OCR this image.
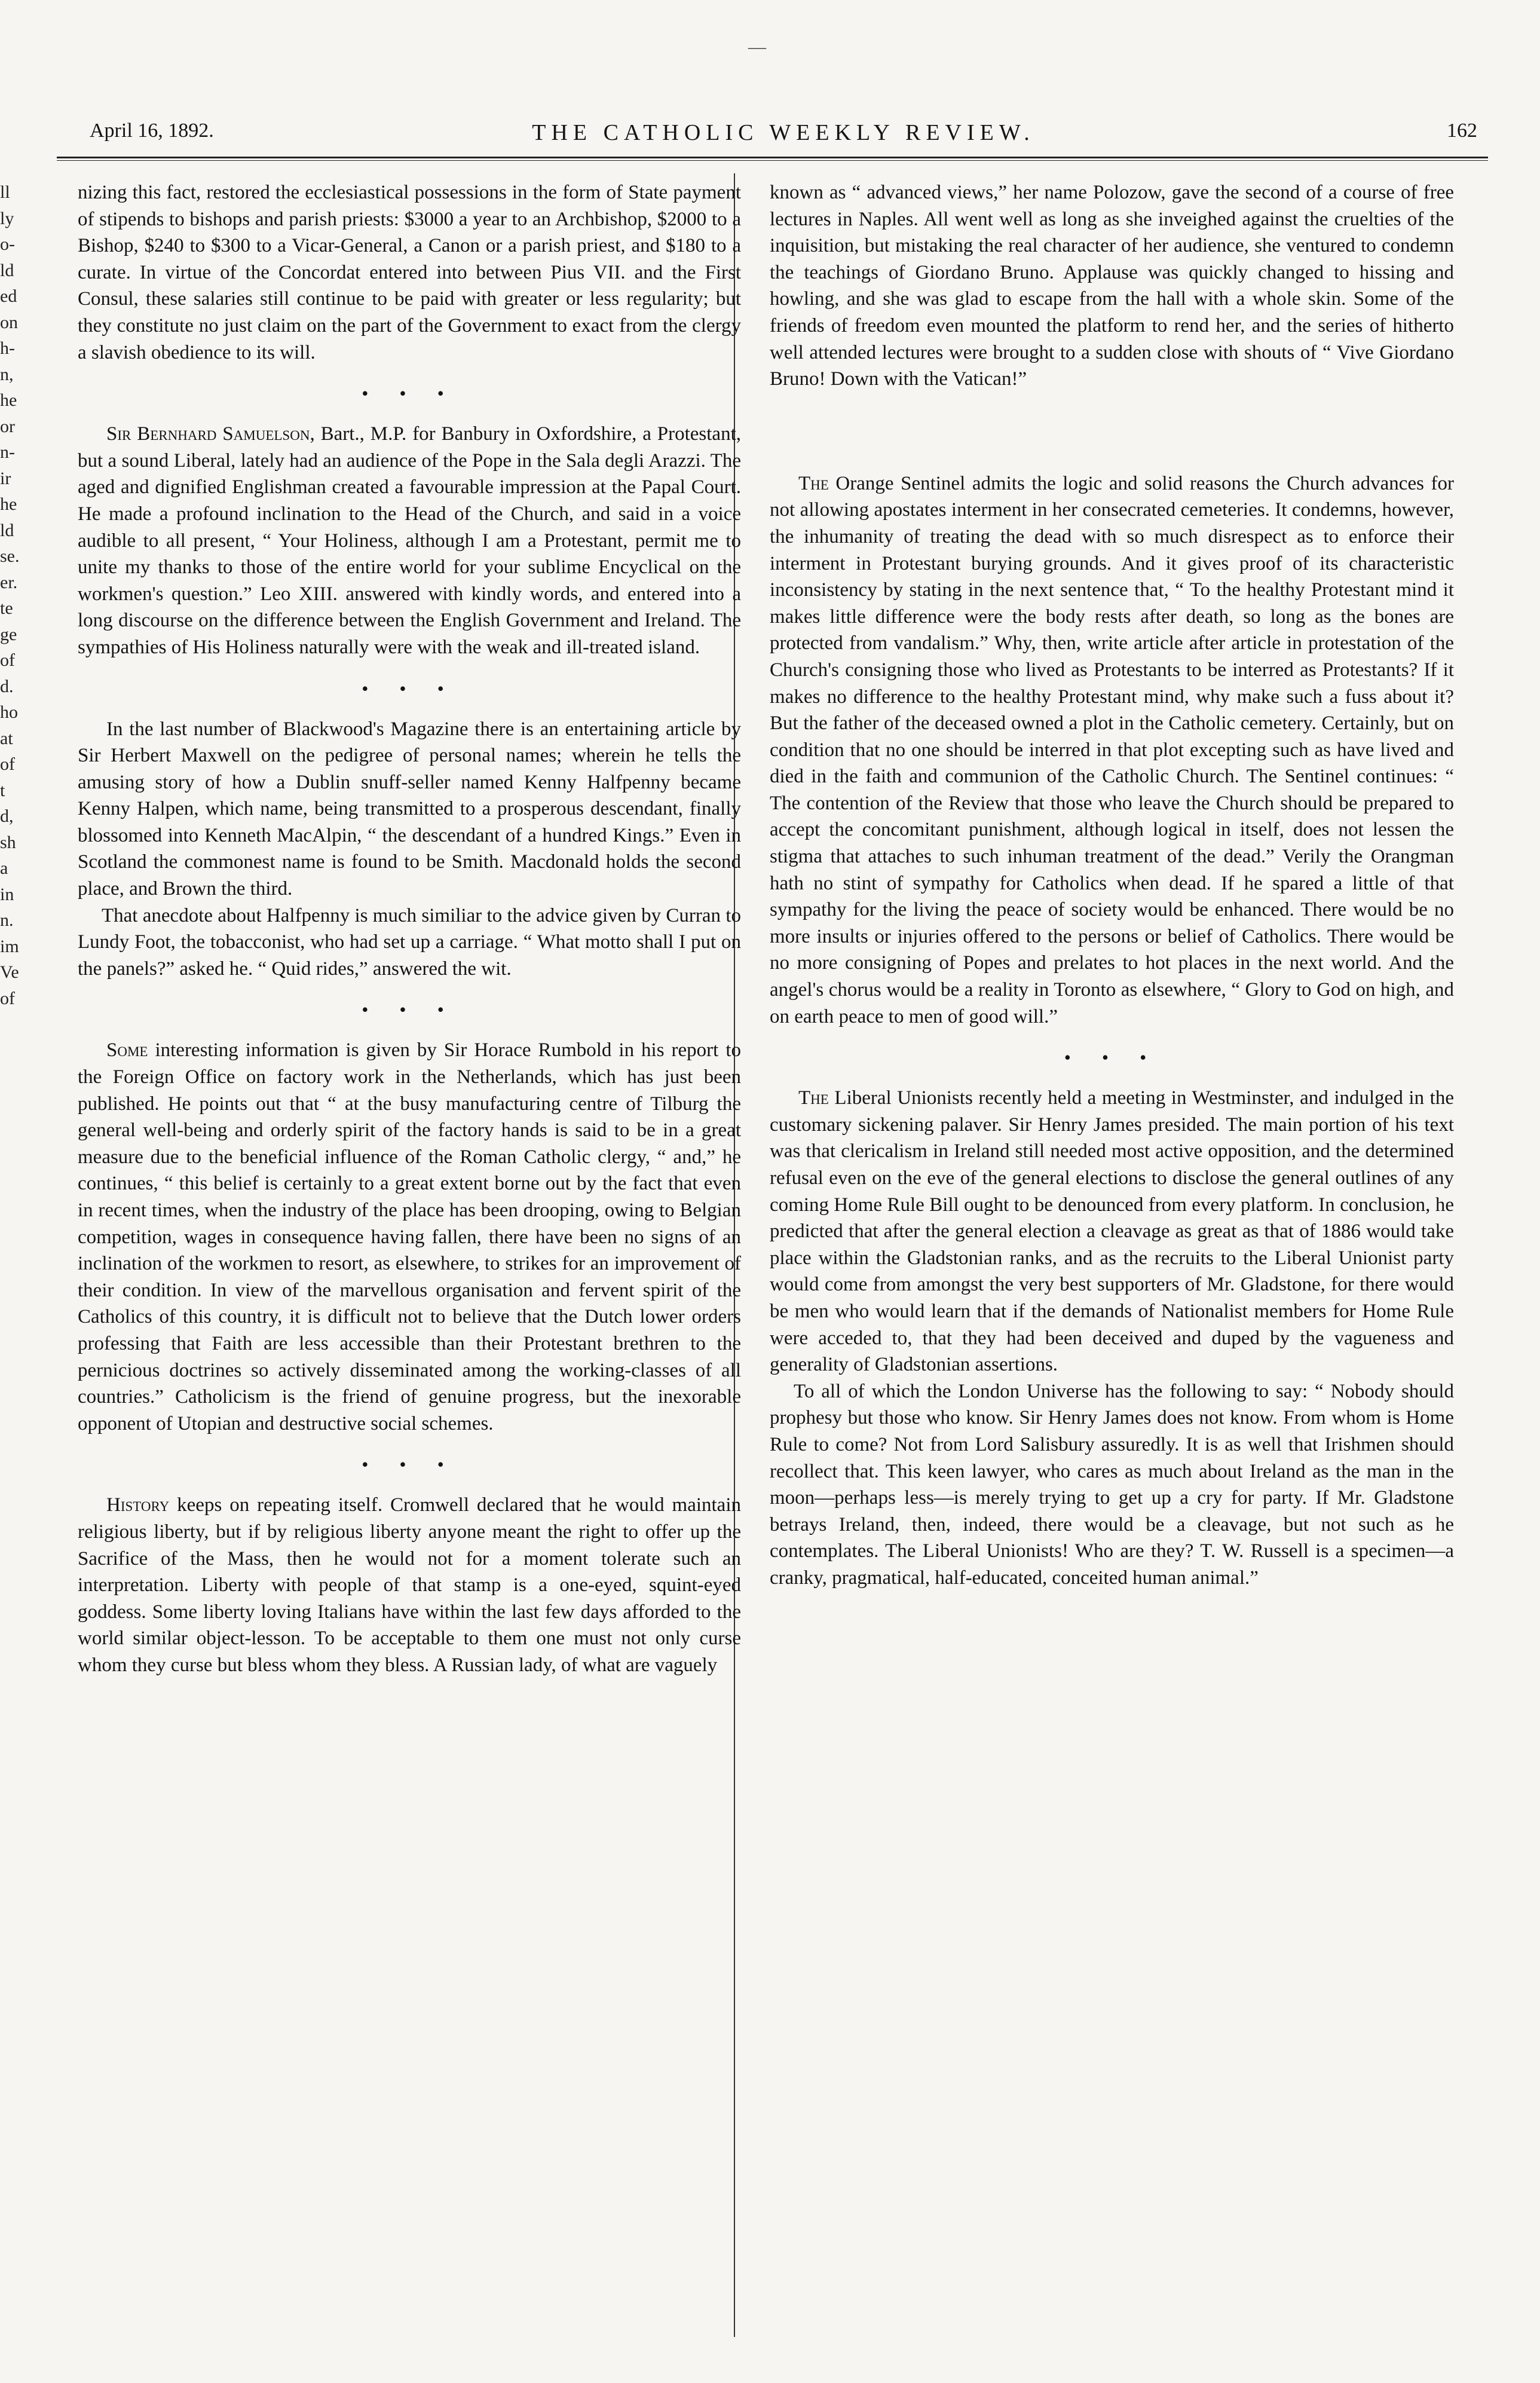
—
ll
ly
o-
ld
ed
on
h-
n,
he
or
n-
ir
he
ld
se.
er.
te
ge
of
d.
ho
at
of
t
d,
sh
a
in
n.
im
Ve
of
April 16, 1892.	THE CATHOLIC WEEKLY REVIEW.	162

nizing this fact, restored the ecclesiastical possessions in the form of State payment of stipends to bishops and parish priests: $3000 a year to an Archbishop, $2000 to a Bishop, $240 to $300 to a Vicar-General, a Canon or a parish priest, and $180 to a curate. In virtue of the Concordat entered into between Pius VII. and the First Consul, these salaries still continue to be paid with greater or less regularity; but they constitute no just claim on the part of the Government to exact from the clergy a slavish obedience to its will.

• • •

Sir Bernhard Samuelson, Bart., M.P. for Banbury in Oxfordshire, a Protestant, but a sound Liberal, lately had an audience of the Pope in the Sala degli Arazzi. The aged and dignified Englishman created a favourable impression at the Papal Court. He made a profound inclination to the Head of the Church, and said in a voice audible to all present, “ Your Holiness, although I am a Protestant, permit me to unite my thanks to those of the entire world for your sublime Encyclical on the workmen's question.” Leo XIII. answered with kindly words, and entered into a long discourse on the difference between the English Government and Ireland. The sympathies of His Holiness naturally were with the weak and ill-treated island.

• • •

In the last number of Blackwood's Magazine there is an entertaining article by Sir Herbert Maxwell on the pedigree of personal names; wherein he tells the amusing story of how a Dublin snuff-seller named Kenny Halfpenny became Kenny Halpen, which name, being transmitted to a prosperous descendant, finally blossomed into Kenneth MacAlpin, “ the descendant of a hundred Kings.” Even in Scotland the commonest name is found to be Smith. Macdonald holds the second place, and Brown the third.

That anecdote about Halfpenny is much similiar to the advice given by Curran to Lundy Foot, the tobacconist, who had set up a carriage. “ What motto shall I put on the panels?” asked he. “ Quid rides,” answered the wit.

• • •

Some interesting information is given by Sir Horace Rumbold in his report to the Foreign Office on factory work in the Netherlands, which has just been published. He points out that “ at the busy manufacturing centre of Tilburg the general well-being and orderly spirit of the factory hands is said to be in a great measure due to the beneficial influence of the Roman Catholic clergy, “ and,” he continues, “ this belief is certainly to a great extent borne out by the fact that even in recent times, when the industry of the place has been drooping, owing to Belgian competition, wages in consequence having fallen, there have been no signs of an inclination of the workmen to resort, as elsewhere, to strikes for an improvement of their condition. In view of the marvellous organisation and fervent spirit of the Catholics of this country, it is difficult not to believe that the Dutch lower orders professing that Faith are less accessible than their Protestant brethren to the pernicious doctrines so actively disseminated among the working-classes of all countries.” Catholicism is the friend of genuine progress, but the inexorable opponent of Utopian and destructive social schemes.

• • •

History keeps on repeating itself. Cromwell declared that he would maintain religious liberty, but if by religious liberty anyone meant the right to offer up the Sacrifice of the Mass, then he would not for a moment tolerate such an interpretation. Liberty with people of that stamp is a one-eyed, squint-eyed goddess. Some liberty loving Italians have within the last few days afforded to the world similar object-lesson. To be acceptable to them one must not only curse whom they curse but bless whom they bless. A Russian lady, of what are vaguely

known as “ advanced views,” her name Polozow, gave the second of a course of free lectures in Naples. All went well as long as she inveighed against the cruelties of the inquisition, but mistaking the real character of her audience, she ventured to condemn the teachings of Giordano Bruno. Applause was quickly changed to hissing and howling, and she was glad to escape from the hall with a whole skin. Some of the friends of freedom even mounted the platform to rend her, and the series of hitherto well attended lectures were brought to a sudden close with shouts of “ Vive Giordano Bruno! Down with the Vatican!”

The Orange Sentinel admits the logic and solid reasons the Church advances for not allowing apostates interment in her consecrated cemeteries. It condemns, however, the inhumanity of treating the dead with so much disrespect as to enforce their interment in Protestant burying grounds. And it gives proof of its characteristic inconsistency by stating in the next sentence that, “ To the healthy Protestant mind it makes little difference were the body rests after death, so long as the bones are protected from vandalism.” Why, then, write article after article in protestation of the Church's consigning those who lived as Protestants to be interred as Protestants? If it makes no difference to the healthy Protestant mind, why make such a fuss about it? But the father of the deceased owned a plot in the Catholic cemetery. Certainly, but on condition that no one should be interred in that plot excepting such as have lived and died in the faith and communion of the Catholic Church. The Sentinel continues: “ The contention of the Review that those who leave the Church should be prepared to accept the concomitant punishment, although logical in itself, does not lessen the stigma that attaches to such inhuman treatment of the dead.” Verily the Orangman hath no stint of sympathy for Catholics when dead. If he spared a little of that sympathy for the living the peace of society would be enhanced. There would be no more insults or injuries offered to the persons or belief of Catholics. There would be no more consigning of Popes and prelates to hot places in the next world. And the angel's chorus would be a reality in Toronto as elsewhere, “ Glory to God on high, and on earth peace to men of good will.”

• • •

The Liberal Unionists recently held a meeting in Westminster, and indulged in the customary sickening palaver. Sir Henry James presided. The main portion of his text was that clericalism in Ireland still needed most active opposition, and the determined refusal even on the eve of the general elections to disclose the general outlines of any coming Home Rule Bill ought to be denounced from every platform. In conclusion, he predicted that after the general election a cleavage as great as that of 1886 would take place within the Gladstonian ranks, and as the recruits to the Liberal Unionist party would come from amongst the very best supporters of Mr. Gladstone, for there would be men who would learn that if the demands of Nationalist members for Home Rule were acceded to, that they had been deceived and duped by the vagueness and generality of Gladstonian assertions.

To all of which the London Universe has the following to say: “ Nobody should prophesy but those who know. Sir Henry James does not know. From whom is Home Rule to come? Not from Lord Salisbury assuredly. It is as well that Irishmen should recollect that. This keen lawyer, who cares as much about Ireland as the man in the moon—perhaps less—is merely trying to get up a cry for party. If Mr. Gladstone betrays Ireland, then, indeed, there would be a cleavage, but not such as he contemplates. The Liberal Unionists! Who are they? T. W. Russell is a specimen—a cranky, pragmatical, half-educated, conceited human animal.”
